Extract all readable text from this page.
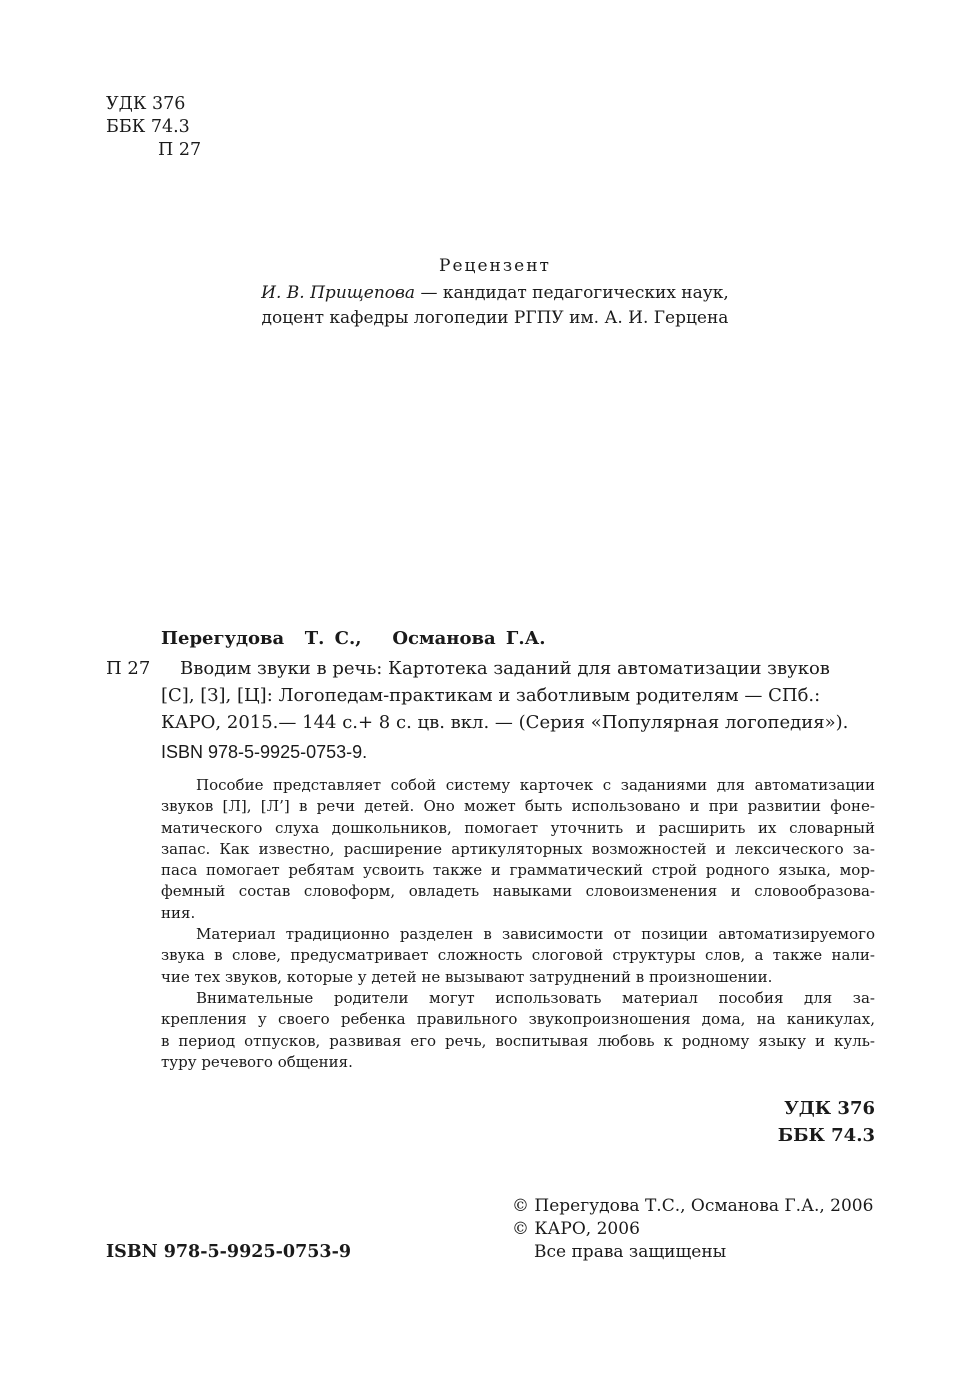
УДК 376
ББК 74.3
П 27
Рецензент
И. В. Прищепова — кандидат педагогических наук,
доцент кафедры логопедии РГПУ им. А. И. Герцена
Перегудова  Т. С.,   Османова Г.А.
П 27 Вводим звуки в речь: Картотека заданий для автоматизации звуков
[С], [З], [Ц]: Логопедам-практикам и заботливым родителям — СПб.:
КАРО, 2015.— 144 с.+ 8 с. цв. вкл. — (Серия «Популярная логопедия»).
ISBN 978-5-9925-0753-9.

Пособие представляет собой систему карточек с заданиями для автоматизации
звуков [Л], [Л’] в речи детей. Оно может быть использовано и при развитии фоне-
матического слуха дошкольников, помогает уточнить и расширить их словарный
запас. Как известно, расширение артикуляторных возможностей и лексического за-
паса помогает ребятам усвоить также и грамматический строй родного языка, мор-
фемный состав словоформ, овладеть навыками словоизменения и словообразова-
ния.

Материал традиционно разделен в зависимости от позиции автоматизируемого
звука в слове, предусматривает сложность слоговой структуры слов, а также нали-
чие тех звуков, которые у детей не вызывают затруднений в произношении.

Внимательные родители могут использовать материал пособия для за-
крепления у своего ребенка правильного звукопроизношения дома, на каникулах,
в период отпусков, развивая его речь, воспитывая любовь к родному языку и куль-
туру речевого общения.

УДК 376
ББК 74.3
© Перегудова Т.С., Османова Г.А., 2006
© КАРО, 2006
Все права защищены
ISBN 978-5-9925-0753-9
